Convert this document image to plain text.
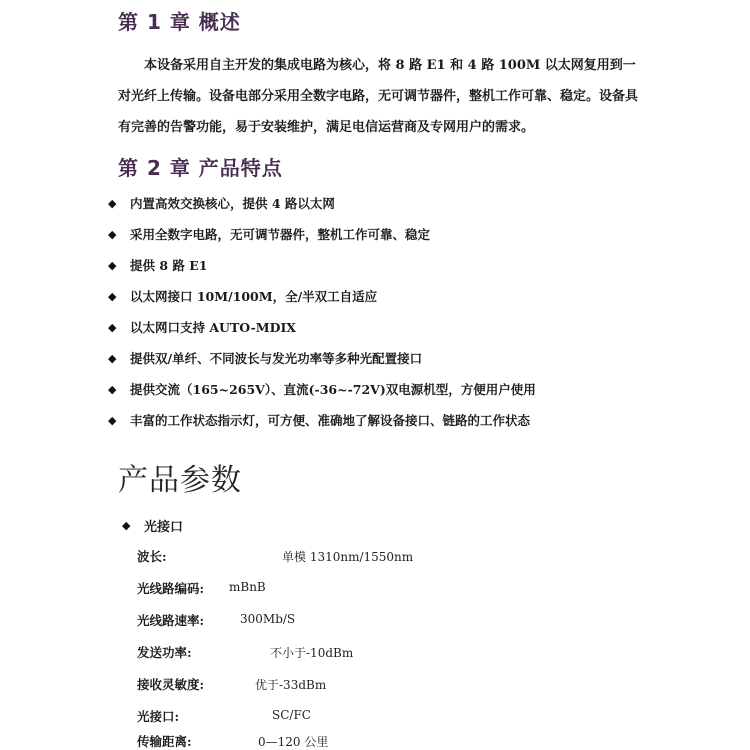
第 1 章 概述

本设备采用自主开发的集成电路为核心，将 8 路 E1 和 4 路 100M 以太网复用到一对光纤上传输。设备电部分采用全数字电路，无可调节器件，整机工作可靠、稳定。设备具有完善的告警功能，易于安装维护，满足电信运营商及专网用户的需求。

第 2 章 产品特点
◆ 内置高效交换核心，提供 4 路以太网
◆ 采用全数字电路，无可调节器件，整机工作可靠、稳定
◆ 提供 8 路 E1
◆ 以太网接口 10M/100M，全/半双工自适应
◆ 以太网口支持 AUTO-MDIX
◆ 提供双/单纤、不同波长与发光功率等多种光配置接口
◆ 提供交流（165~265V）、直流(-36~-72V)双电源机型，方便用户使用
◆ 丰富的工作状态指示灯，可方便、准确地了解设备接口、链路的工作状态
产品参数
◆ 光接口
波长:	单模 1310nm/1550nm
光线路编码: mBnB
光线路速率:	300Mb/S
发送功率:	不小于-10dBm
接收灵敏度:	优于-33dBm
光接口:	SC/FC
传输距离:	0—120 公里
